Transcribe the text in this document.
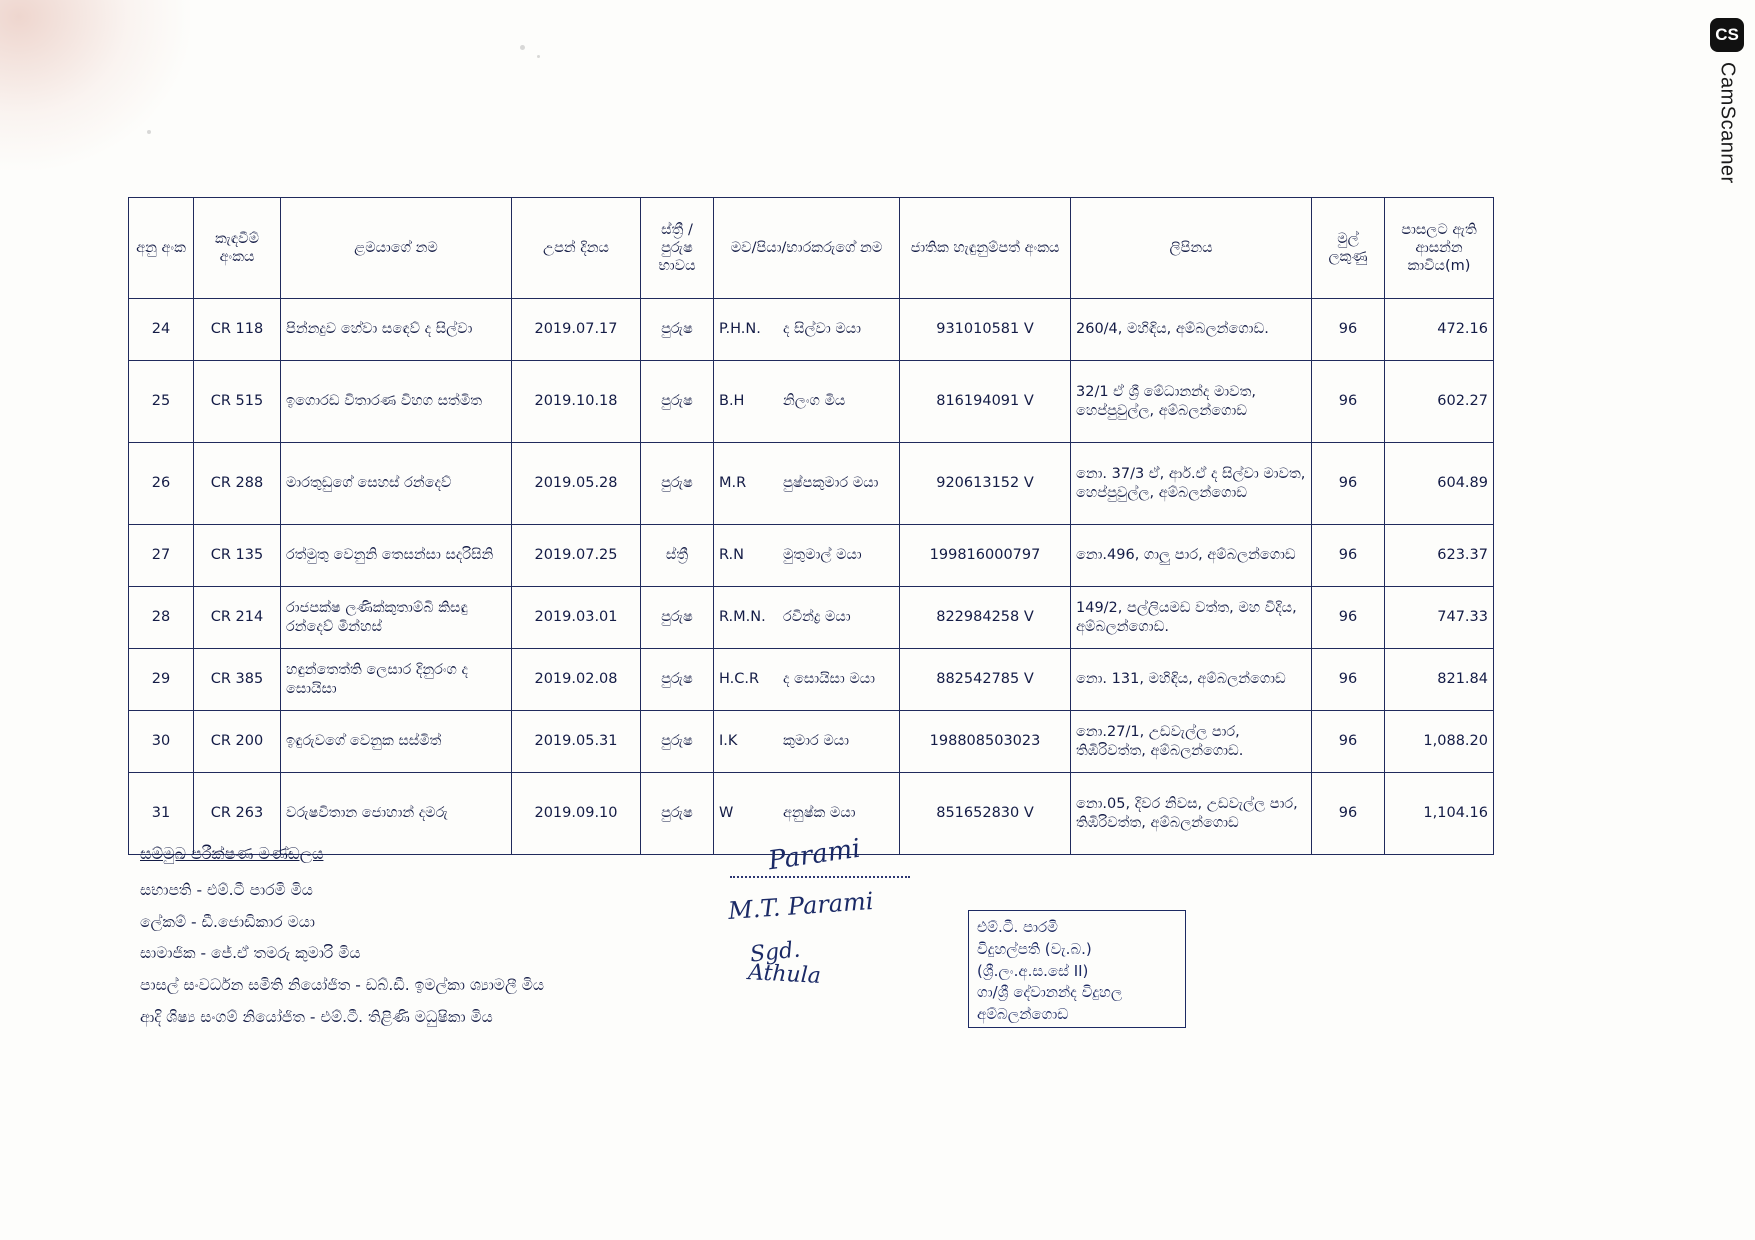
CS
CamScanner
අනු අංක	කැඳවීම් අංකය	ළමයාගේ නම	උපන් දිනය	ස්ත්‍රී / පුරුෂ භාවය	මව/පියා/භාරකරුගේ නම	ජාතික හැඳුනුම්පත් අංකය	ලිපිනය	මුල් ලකුණු	පාසලට ඇති ආසන්න කාවිය(m)
24	CR 118	පින්නදුව හේවා සඳෙව් ද සිල්වා	2019.07.17	පුරුෂ	P.H.N. ද සිල්වා මයා	931010581 V	260/4, මහිඳිය, අම්බලන්ගොඩ.	96	472.16
25	CR 515	ඉගොරඩ විතාරණ විහග සත්මිත	2019.10.18	පුරුෂ	B.H නිලංග මිය	816194091 V	32/1 ඒ ශ්‍රී මේධානන්ද මාවත, හෙප්පුවුල්ල, අම්බලන්ගොඩ	96	602.27
26	CR 288	මාරතුඩුගේ සෙහස් රන්දෙව්	2019.05.28	පුරුෂ	M.R පුෂ්පකුමාර මයා	920613152 V	නො. 37/3 ඒ, ආර්.ඒ ද සිල්වා මාවත, හෙප්පුවුල්ල, අම්බලන්ගොඩ	96	604.89
27	CR 135	රත්මුතු වෙනුනි තෙසන්සා සදරිසිනි	2019.07.25	ස්ත්‍රී	R.N මුතුමාල් මයා	199816000797	නො.496, ගාලු පාර, අම්බලන්ගොඩ	96	623.37
28	CR 214	රාජපක්ෂ ලණික්කුතාම්බි කිසඳු රන්දෙව් මින්හස්	2019.03.01	පුරුෂ	R.M.N. රවීන්ද්‍ර මයා	822984258 V	149/2, පල්ලියමඩ වත්ත, මහ විදිය, අම්බලන්ගොඩ.	96	747.33
29	CR 385	හඳුන්තෙත්ති ලෙසාර දිනුරංග ද සොයිසා	2019.02.08	පුරුෂ	H.C.R ද සොයිසා මයා	882542785 V	නො. 131, මහිඳිය, අම්බලන්ගොඩ	96	821.84
30	CR 200	ඉඳුරුවගේ වෙනුක සස්මිත්	2019.05.31	පුරුෂ	I.K කුමාර මයා	198808503023	නො.27/1, උඩවැල්ල පාර, තිඹිරිවත්ත, අම්බලන්ගොඩ.	96	1,088.20
31	CR 263	වරුෂවිතාන ජොහාන් දමරු	2019.09.10	පුරුෂ	W අනුෂ්ක මයා	851652830 V	නො.05, දිවර නිවස, උඩවැල්ල පාර, තිඹිරිවත්ත, අම්බලන්ගොඩ	96	1,104.16
සම්මුඛ පරීක්ෂණ මණ්ඩලය
සභාපති - එම්.ටී පාරමි මිය
ලේකම් - ඩී.ජොඩිකාර මයා
සාමාජික - ජේ.ඒ තමරු කුමාරි මිය
පාසල් සංවර්ධන සමිති නියෝජිත - ඩබ්.ඩී. ඉමල්කා ශ්‍යාමලී මිය
ආදි ශිෂ්‍ය සංගම් නියෝජිත - එම්.ටී. තිළිණි මධුෂිකා මිය
Parami
M.T. Parami
Sgd.
Athula
එම්.ටී. පාරමි
විදුහල්පති (වැ.බ.)
(ශ්‍රී.ලං.අ.ස.සේ II)
ගා/ශ්‍රී දේවානන්ද විදුහල
අම්බලන්ගොඩ
